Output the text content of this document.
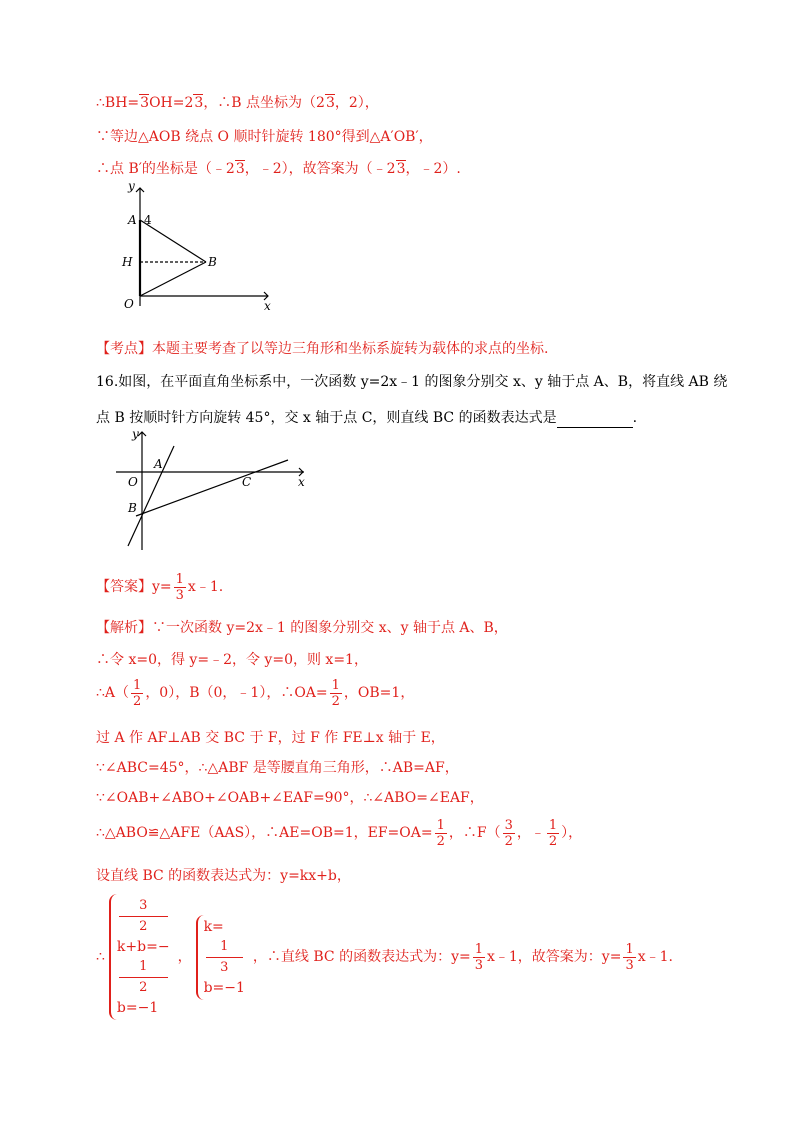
∴BH=3OH=23，∴B 点坐标为（23，2），
∵等边△AOB 绕点 O 顺时针旋转 180°得到△A′OB′，
∴点 B′的坐标是（﹣23，﹣2），故答案为（﹣23，﹣2）.
y
x
A 4
H	B
O
【考点】本题主要考查了以等边三角形和坐标系旋转为载体的求点的坐标.
16.如图，在平面直角坐标系中，一次函数 y=2x﹣1 的图象分别交 x、y 轴于点 A、B，将直线 AB 绕
点 B 按顺时针方向旋转 45°，交 x 轴于点 C，则直线 BC 的函数表达式是	.
y
x
A
O
B
C
【答案】$y= \frac{1}{3}$ x﹣1.
【解析】∵一次函数 y=2x﹣1 的图象分别交 x、y 轴于点 A、B，
∴令 x=0，得 y=﹣2，令 y=0，则 x=1，
∴A（ $\frac{1}{2}$ ，0），B（0，﹣1），∴OA= $\frac{1}{2}$ ，OB=1，
过 A 作 AF⊥AB 交 BC 于 F，过 F 作 FE⊥x 轴于 E，
∵∠ABC=45°，∴△ABF 是等腰直角三角形，∴AB=AF，
∵∠OAB+∠ABO+∠OAB+∠EAF=90°，∴∠ABO=∠EAF，
∴△ABO≌△AFE（AAS），∴AE=OB=1，$EF=OA= \frac{1}{2}$ ，∴F（ $\frac{3}{2}$ ，﹣ $\frac{1}{2}$ ），
设直线 BC 的函数表达式为：y=kx+b，
∴
3
2
k+b=−
1
2
b=−1
，
k=
1
3
b=−1
，∴直线 BC 的函数表达式为：$y= \frac{1}{3}$ x﹣1，故答案为：$y= \frac{1}{3}$ x﹣1.
